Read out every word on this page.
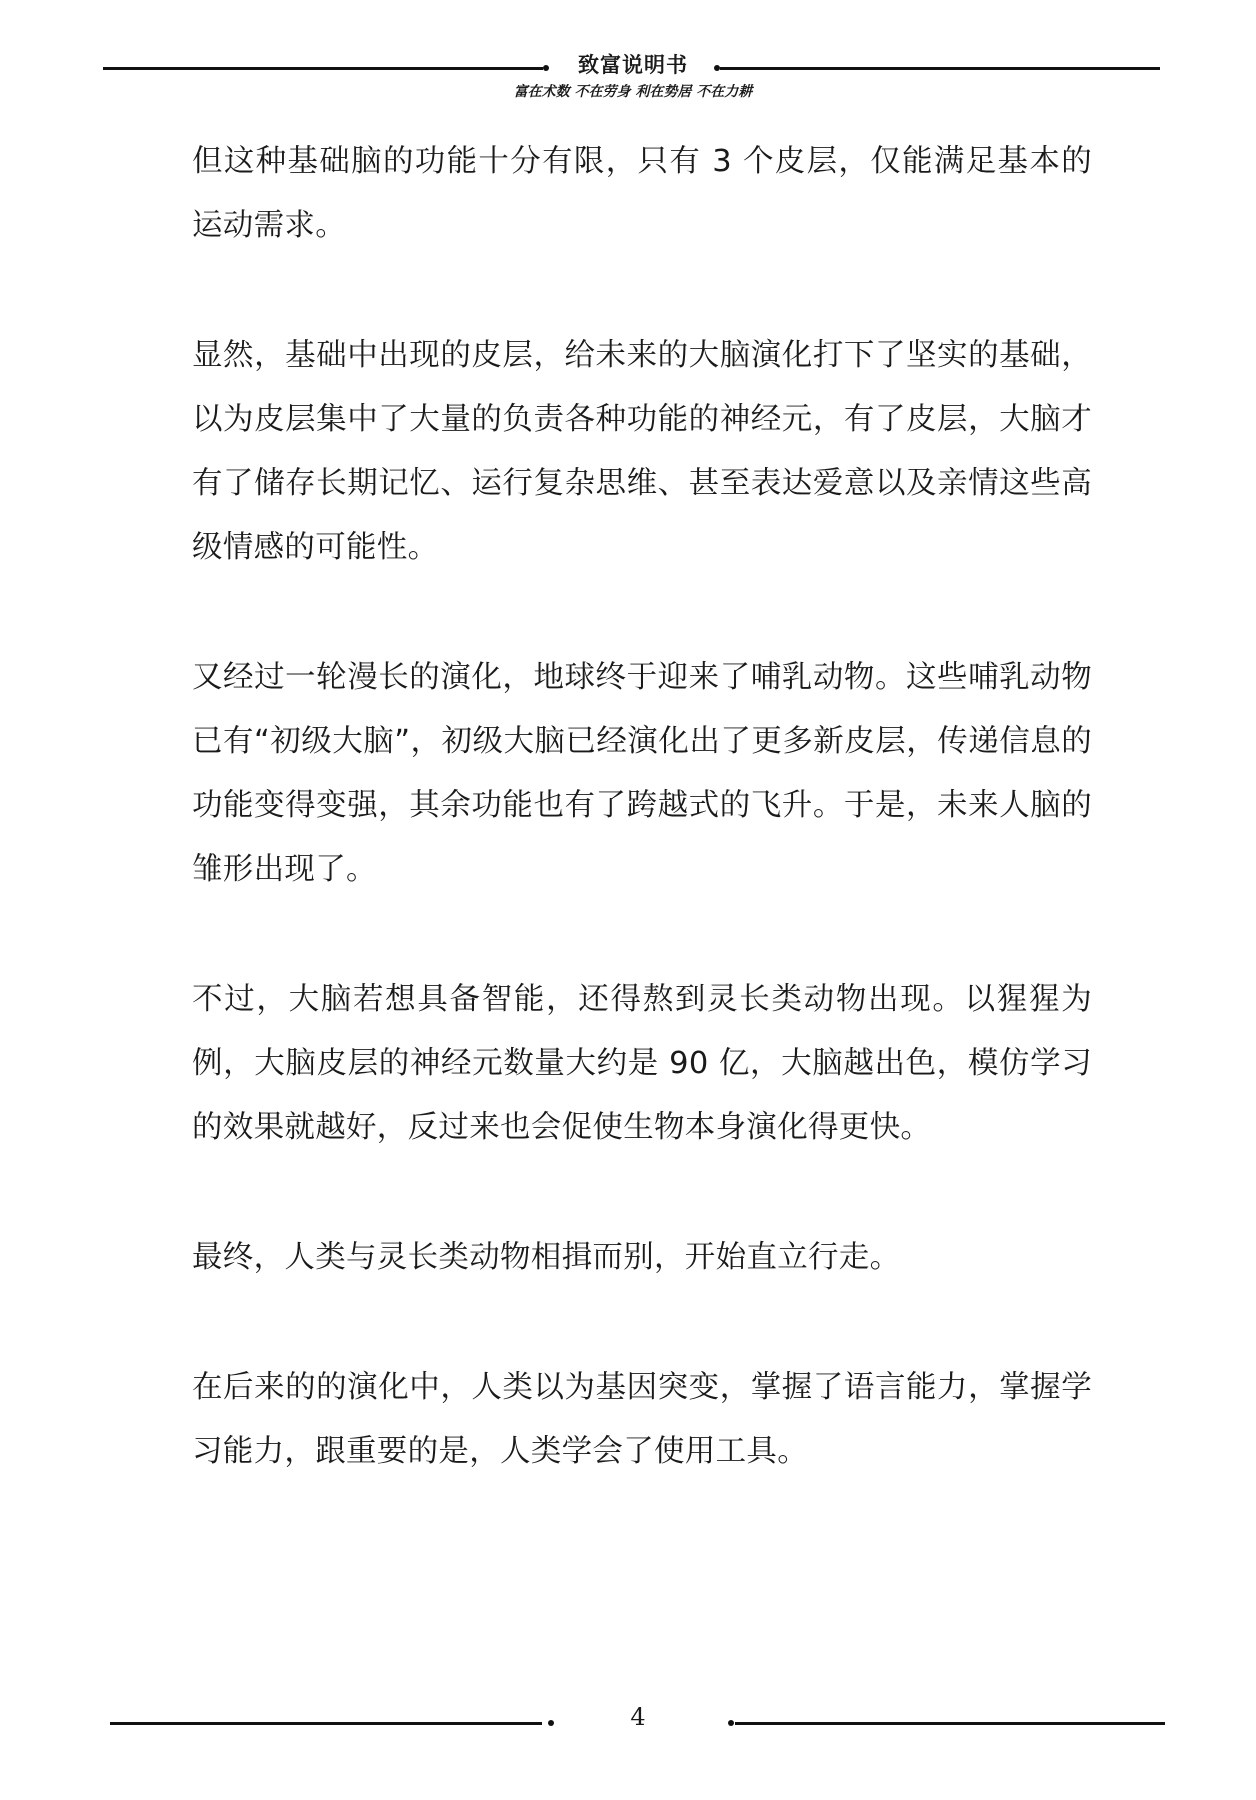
致富说明书
富在术数 不在劳身 利在势居 不在力耕

但这种基础脑的功能十分有限，只有 3 个皮层，仅能满足基本的运动需求。

显然，基础中出现的皮层，给未来的大脑演化打下了坚实的基础，以为皮层集中了大量的负责各种功能的神经元，有了皮层，大脑才有了储存长期记忆、运行复杂思维、甚至表达爱意以及亲情这些高级情感的可能性。

又经过一轮漫长的演化，地球终于迎来了哺乳动物。这些哺乳动物已有“初级大脑”，初级大脑已经演化出了更多新皮层，传递信息的功能变得变强，其余功能也有了跨越式的飞升。于是，未来人脑的雏形出现了。

不过，大脑若想具备智能，还得熬到灵长类动物出现。以猩猩为例，大脑皮层的神经元数量大约是 90 亿，大脑越出色，模仿学习的效果就越好，反过来也会促使生物本身演化得更快。

最终，人类与灵长类动物相揖而别，开始直立行走。

在后来的的演化中，人类以为基因突变，掌握了语言能力，掌握学习能力，跟重要的是，人类学会了使用工具。

4
